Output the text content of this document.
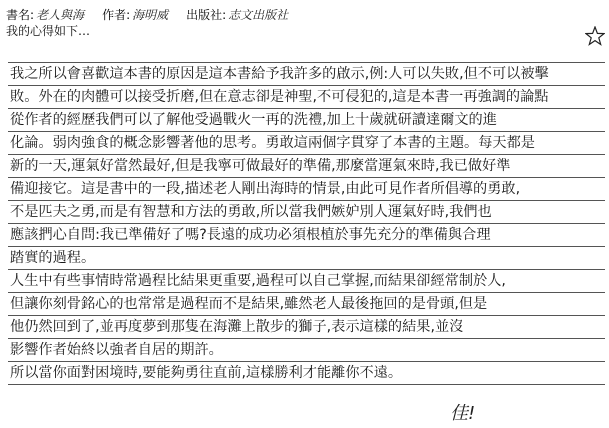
書名: 老人與海 作者: 海明威 出版社: 志文出版社
我的心得如下…
我之所以會喜歡這本書的原因是這本書給予我許多的啟示,例:人可以失敗,但不可以被擊
敗。外在的肉體可以接受折磨,但在意志卻是神聖,不可侵犯的,這是本書一再強調的論點
從作者的經歷我們可以了解他受過戰火一再的洗禮,加上十歲就研讀達爾文的進
化論。弱肉強食的概念影響著他的思考。勇敢這兩個字貫穿了本書的主題。每天都是
新的一天,運氣好當然最好,但是我寧可做最好的準備,那麼當運氣來時,我已做好準
備迎接它。這是書中的一段,描述老人剛出海時的情景,由此可見作者所倡導的勇敢,
不是匹夫之勇,而是有智慧和方法的勇敢,所以當我們嫉妒別人運氣好時,我們也
應該捫心自問:我已準備好了嗎?長遠的成功必須根植於事先充分的準備與合理
踏實的過程。
人生中有些事情時常過程比結果更重要,過程可以自己掌握,而結果卻經常制於人,
但讓你刻骨銘心的也常常是過程而不是結果,雖然老人最後拖回的是骨頭,但是
他仍然回到了,並再度夢到那隻在海灘上散步的獅子,表示這樣的結果,並沒
影響作者始終以強者自居的期許。
所以當你面對困境時,要能夠勇往直前,這樣勝利才能離你不遠。
佳!
